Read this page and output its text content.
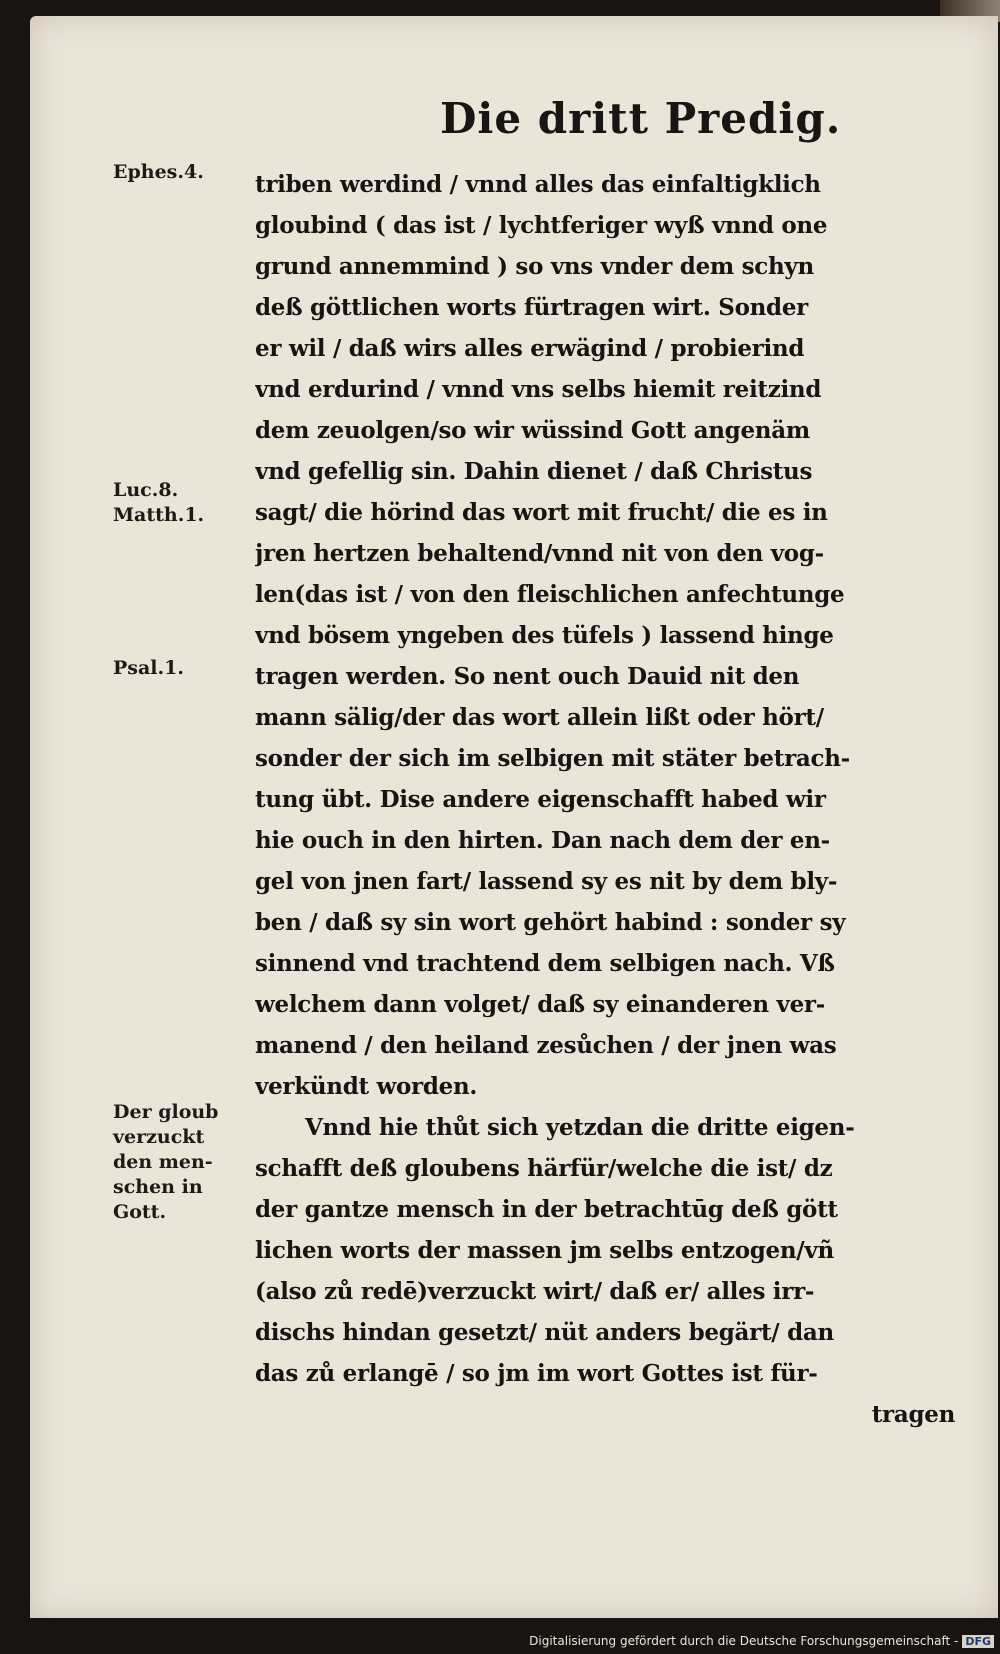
Die dritt Predig.
Ephes.4.
Luc.8.
Matth.1.
Psal.1.
Der gloub
verzuckt
den men-
schen in
Gott.
triben werdind / vnnd alles das einfaltigklich
gloubind ( das ist / lychtferiger wyß vnnd one
grund annemmind ) so vns vnder dem schyn
deß göttlichen worts fürtragen wirt. Sonder
er wil / daß wirs alles erwägind / probierind
vnd erdurind / vnnd vns selbs hiemit reitzind
dem zeuolgen/so wir wüssind Gott angenäm
vnd gefellig sin. Dahin dienet / daß Christus
sagt/ die hörind das wort mit frucht/ die es in
jren hertzen behaltend/vnnd nit von den vog-
len(das ist / von den fleischlichen anfechtunge
vnd bösem yngeben des tüfels ) lassend hinge
tragen werden. So nent ouch Dauid nit den
mann sälig/der das wort allein lißt oder hört/
sonder der sich im selbigen mit stäter betrach-
tung übt. Dise andere eigenschafft habed wir
hie ouch in den hirten. Dan nach dem der en-
gel von jnen fart/ lassend sy es nit by dem bly-
ben / daß sy sin wort gehört habind : sonder sy
sinnend vnd trachtend dem selbigen nach. Vß
welchem dann volget/ daß sy einanderen ver-
manend / den heiland zesůchen / der jnen was
verkündt worden.
Vnnd hie thůt sich yetzdan die dritte eigen-
schafft deß gloubens härfür/welche die ist/ dz
der gantze mensch in der betrachtūg deß gött
lichen worts der massen jm selbs entzogen/vñ
(also zů redē)verzuckt wirt/ daß er/ alles irr-
dischs hindan gesetzt/ nüt anders begärt/ dan
das zů erlangē / so jm im wort Gottes ist für-
tragen
Digitalisierung gefördert durch die Deutsche Forschungsgemeinschaft - DFG
